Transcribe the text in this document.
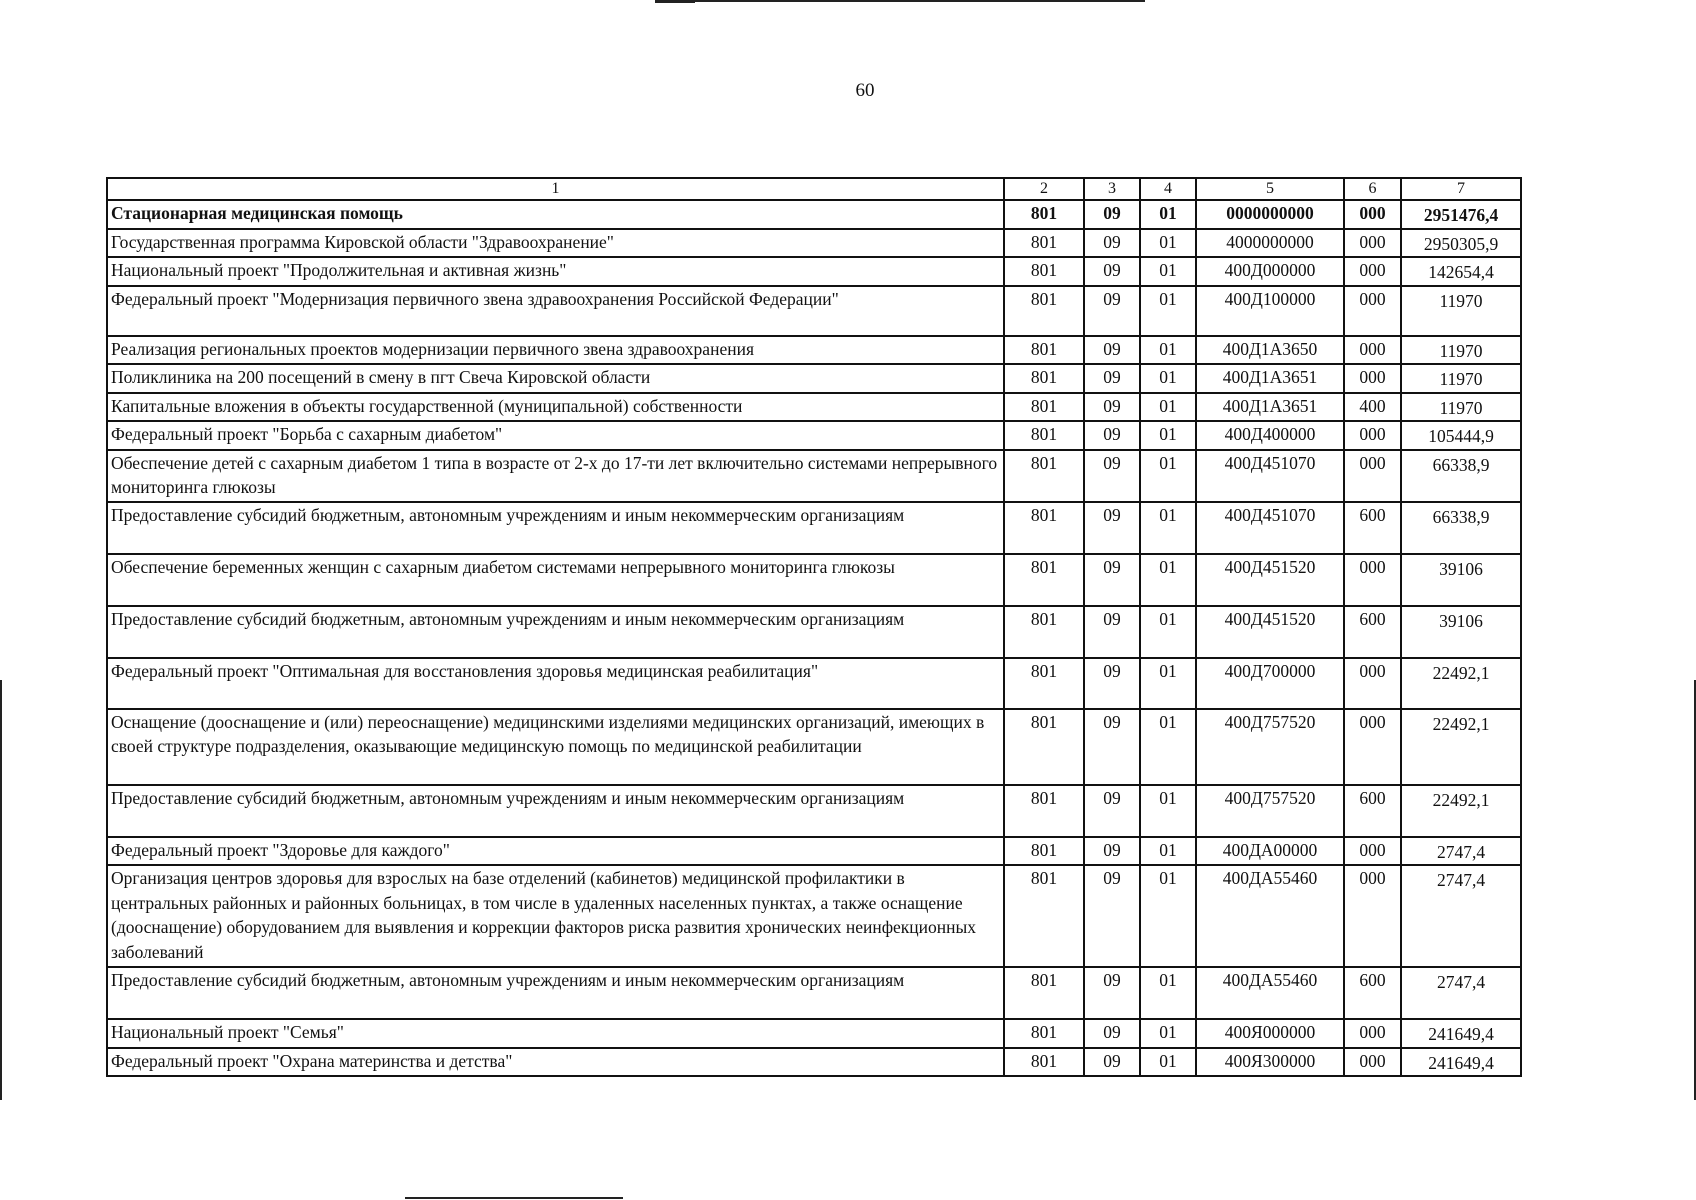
60
1	2	3	4	5	6	7
Стационарная медицинская помощь	801	09	01	0000000000	000	2951476,4
Государственная программа Кировской области "Здравоохранение"	801	09	01	4000000000	000	2950305,9
Национальный проект "Продолжительная и активная жизнь"	801	09	01	400Д000000	000	142654,4
Федеральный проект "Модернизация первичного звена здравоохранения Российской Федерации"	801	09	01	400Д100000	000	11970
Реализация региональных проектов модернизации первичного звена здравоохранения	801	09	01	400Д1А3650	000	11970
Поликлиника на 200 посещений в смену в пгт Свеча Кировской области	801	09	01	400Д1А3651	000	11970
Капитальные вложения в объекты государственной (муниципальной) собственности	801	09	01	400Д1А3651	400	11970
Федеральный проект "Борьба с сахарным диабетом"	801	09	01	400Д400000	000	105444,9
Обеспечение детей с сахарным диабетом 1 типа в возрасте от 2-х до 17-ти лет включительно системами непрерывного мониторинга глюкозы	801	09	01	400Д451070	000	66338,9
Предоставление субсидий бюджетным, автономным учреждениям и иным некоммерческим организациям	801	09	01	400Д451070	600	66338,9
Обеспечение беременных женщин с сахарным диабетом системами непрерывного мониторинга глюкозы	801	09	01	400Д451520	000	39106
Предоставление субсидий бюджетным, автономным учреждениям и иным некоммерческим организациям	801	09	01	400Д451520	600	39106
Федеральный проект "Оптимальная для восстановления здоровья медицинская реабилитация"	801	09	01	400Д700000	000	22492,1
Оснащение (дооснащение и (или) переоснащение) медицинскими изделиями медицинских организаций, имеющих в своей структуре подразделения, оказывающие медицинскую помощь по медицинской реабилитации	801	09	01	400Д757520	000	22492,1
Предоставление субсидий бюджетным, автономным учреждениям и иным некоммерческим организациям	801	09	01	400Д757520	600	22492,1
Федеральный проект "Здоровье для каждого"	801	09	01	400ДА00000	000	2747,4
Организация центров здоровья для взрослых на базе отделений (кабинетов) медицинской профилактики в центральных районных и районных больницах, в том числе в удаленных населенных пунктах, а также оснащение (дооснащение) оборудованием для выявления и коррекции факторов риска развития хронических неинфекционных заболеваний	801	09	01	400ДА55460	000	2747,4
Предоставление субсидий бюджетным, автономным учреждениям и иным некоммерческим организациям	801	09	01	400ДА55460	600	2747,4
Национальный проект "Семья"	801	09	01	400Я000000	000	241649,4
Федеральный проект "Охрана материнства и детства"	801	09	01	400Я300000	000	241649,4
